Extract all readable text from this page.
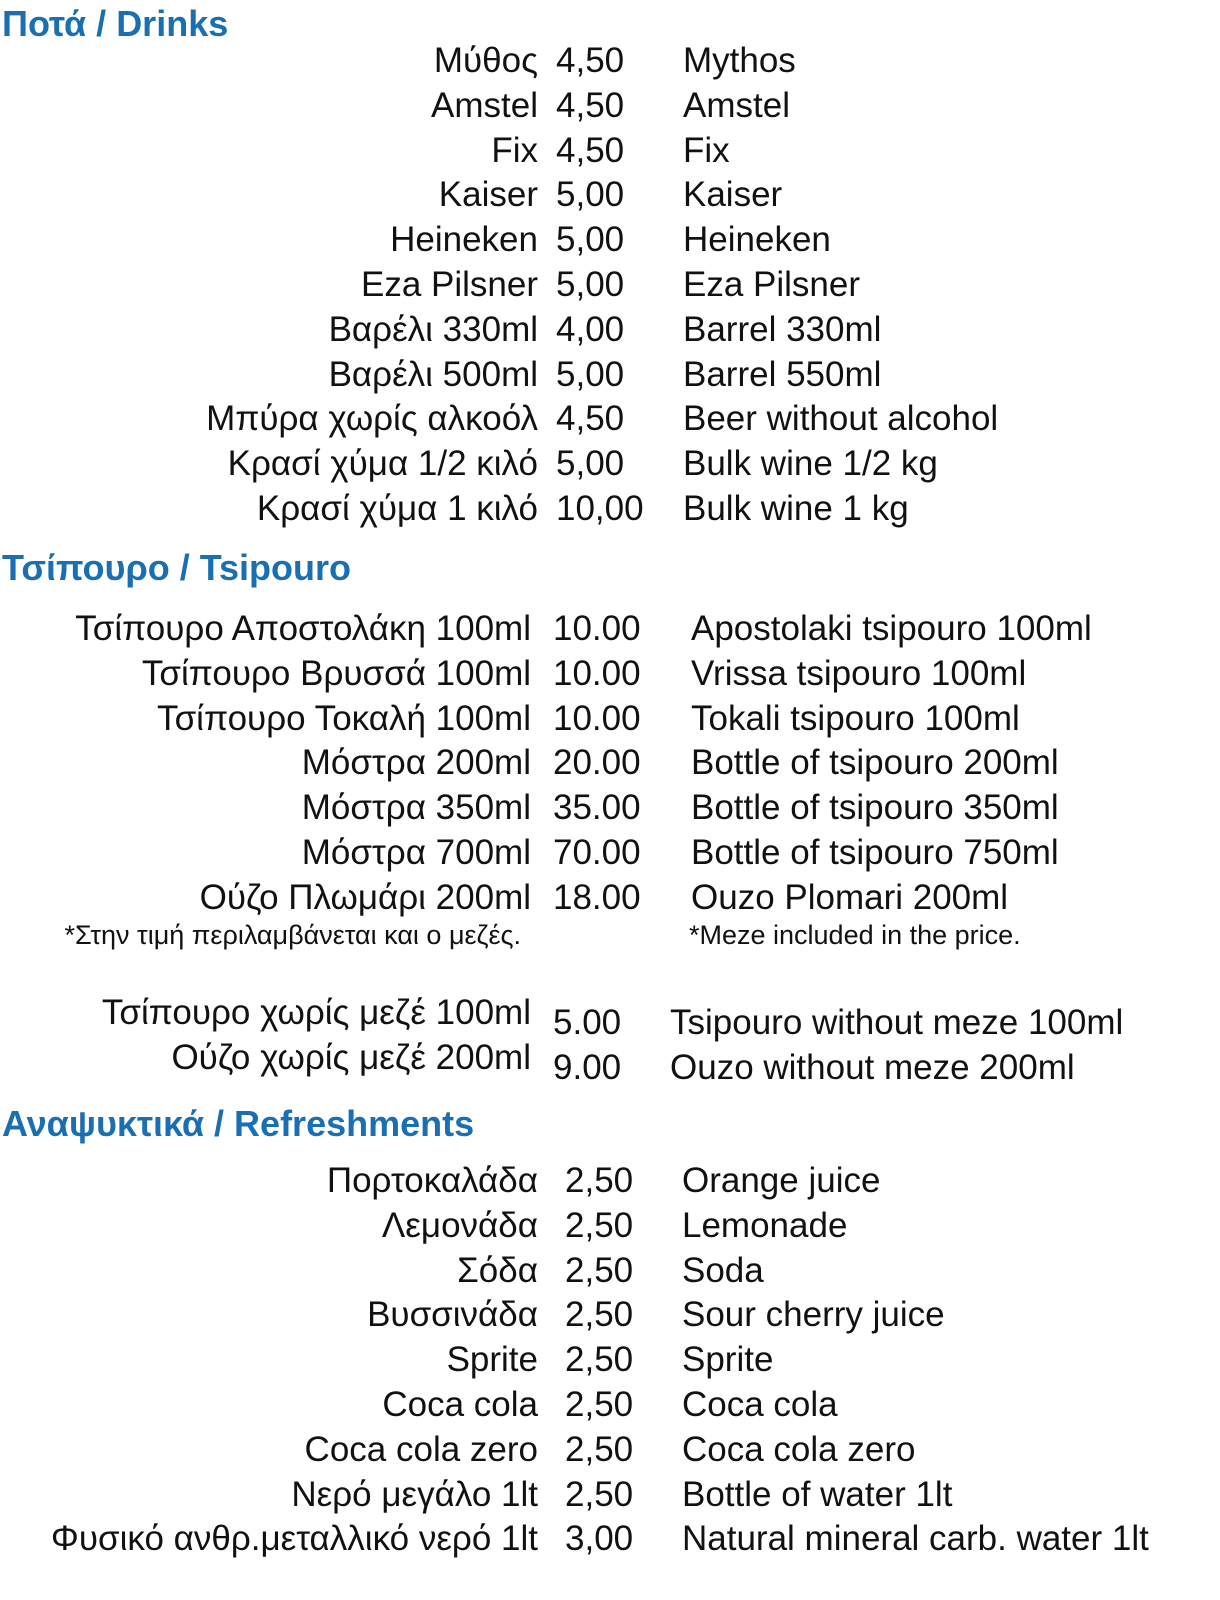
Ποτά / Drinks
Μύθος 4,50 Mythos
Amstel 4,50 Amstel
Fix 4,50 Fix
Kaiser 5,00 Kaiser
Heineken 5,00 Heineken
Eza Pilsner 5,00 Eza Pilsner
Βαρέλι 330ml 4,00 Barrel 330ml
Βαρέλι 500ml 5,00 Barrel 550ml
Μπύρα χωρίς αλκοόλ 4,50 Beer without alcohol
Κρασί χύμα 1/2 κιλό 5,00 Bulk wine 1/2 kg
Κρασί χύμα 1 κιλό 10,00 Bulk wine 1 kg
Τσίπουρο / Tsipouro
Τσίπουρο Αποστολάκη 100ml 10.00 Apostolaki tsipouro 100ml
Τσίπουρο Βρυσσά 100ml 10.00 Vrissa tsipouro 100ml
Τσίπουρο Τοκαλή 100ml 10.00 Tokali tsipouro 100ml
Μόστρα 200ml 20.00 Bottle of tsipouro 200ml
Μόστρα 350ml 35.00 Bottle of tsipouro 350ml
Μόστρα 700ml 70.00 Bottle of tsipouro 750ml
Ούζο Πλωμάρι 200ml 18.00 Ouzo Plomari 200ml
*Στην τιμή περιλαμβάνεται και ο μεζές.	*Meze included in the price.
Τσίπουρο χωρίς μεζέ 100ml 5.00 Tsipouro without meze 100ml
Ούζο χωρίς μεζέ 200ml 9.00 Ouzo without meze 200ml
Αναψυκτικά / Refreshments
Πορτοκαλάδα 2,50 Orange juice
Λεμονάδα 2,50 Lemonade
Σόδα 2,50 Soda
Βυσσινάδα 2,50 Sour cherry juice
Sprite 2,50 Sprite
Coca cola 2,50 Coca cola
Coca cola zero 2,50 Coca cola zero
Νερό μεγάλο 1lt 2,50 Bottle of water 1lt
Φυσικό ανθρ.μεταλλικό νερό 1lt 3,00 Natural mineral carb. water 1lt
